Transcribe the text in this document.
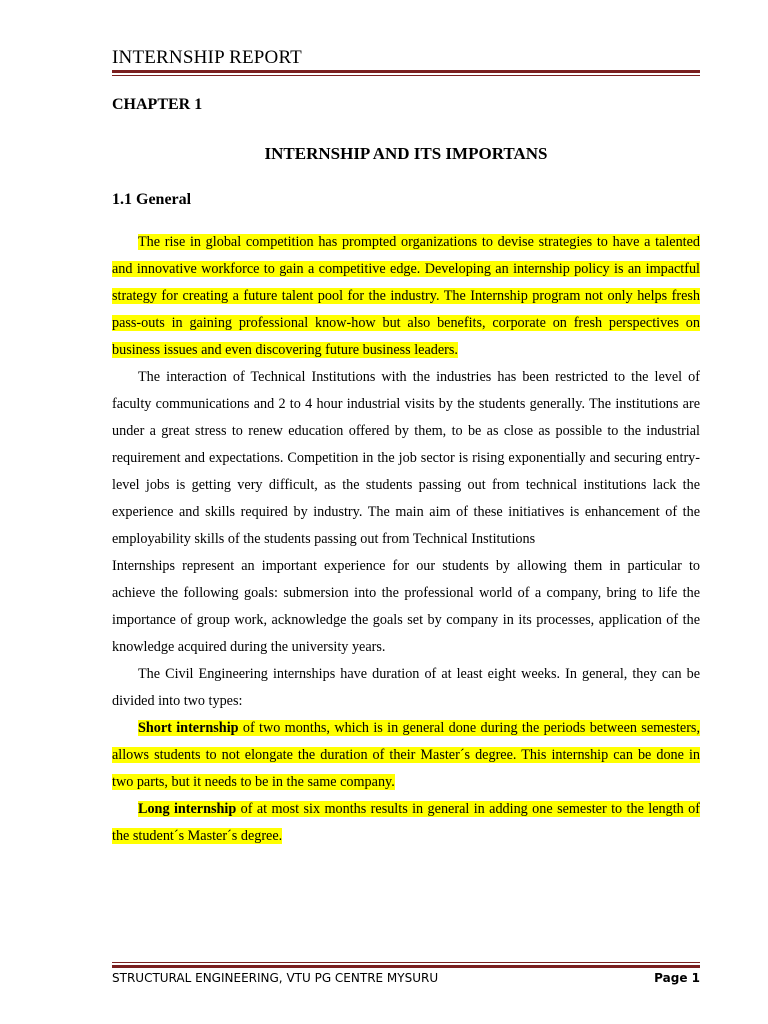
INTERNSHIP REPORT
CHAPTER 1
INTERNSHIP AND ITS IMPORTANS
1.1 General

The rise in global competition has prompted organizations to devise strategies to have a talented and innovative workforce to gain a competitive edge. Developing an internship policy is an impactful strategy for creating a future talent pool for the industry. The Internship program not only helps fresh pass-outs in gaining professional know-how but also benefits, corporate on fresh perspectives on business issues and even discovering future business leaders.

The interaction of Technical Institutions with the industries has been restricted to the level of faculty communications and 2 to 4 hour industrial visits by the students generally. The institutions are under a great stress to renew education offered by them, to be as close as possible to the industrial requirement and expectations. Competition in the job sector is rising exponentially and securing entry-level jobs is getting very difficult, as the students passing out from technical institutions lack the experience and skills required by industry. The main aim of these initiatives is enhancement of the employability skills of the students passing out from Technical Institutions

Internships represent an important experience for our students by allowing them in particular to achieve the following goals: submersion into the professional world of a company, bring to life the importance of group work, acknowledge the goals set by company in its processes, application of the knowledge acquired during the university years.

The Civil Engineering internships have duration of at least eight weeks. In general, they can be divided into two types:

Short internship of two months, which is in general done during the periods between semesters, allows students to not elongate the duration of their Master´s degree. This internship can be done in two parts, but it needs to be in the same company.

Long internship of at most six months results in general in adding one semester to the length of the student´s Master´s degree.

STRUCTURAL ENGINEERING, VTU PG CENTRE MYSURU	Page 1
